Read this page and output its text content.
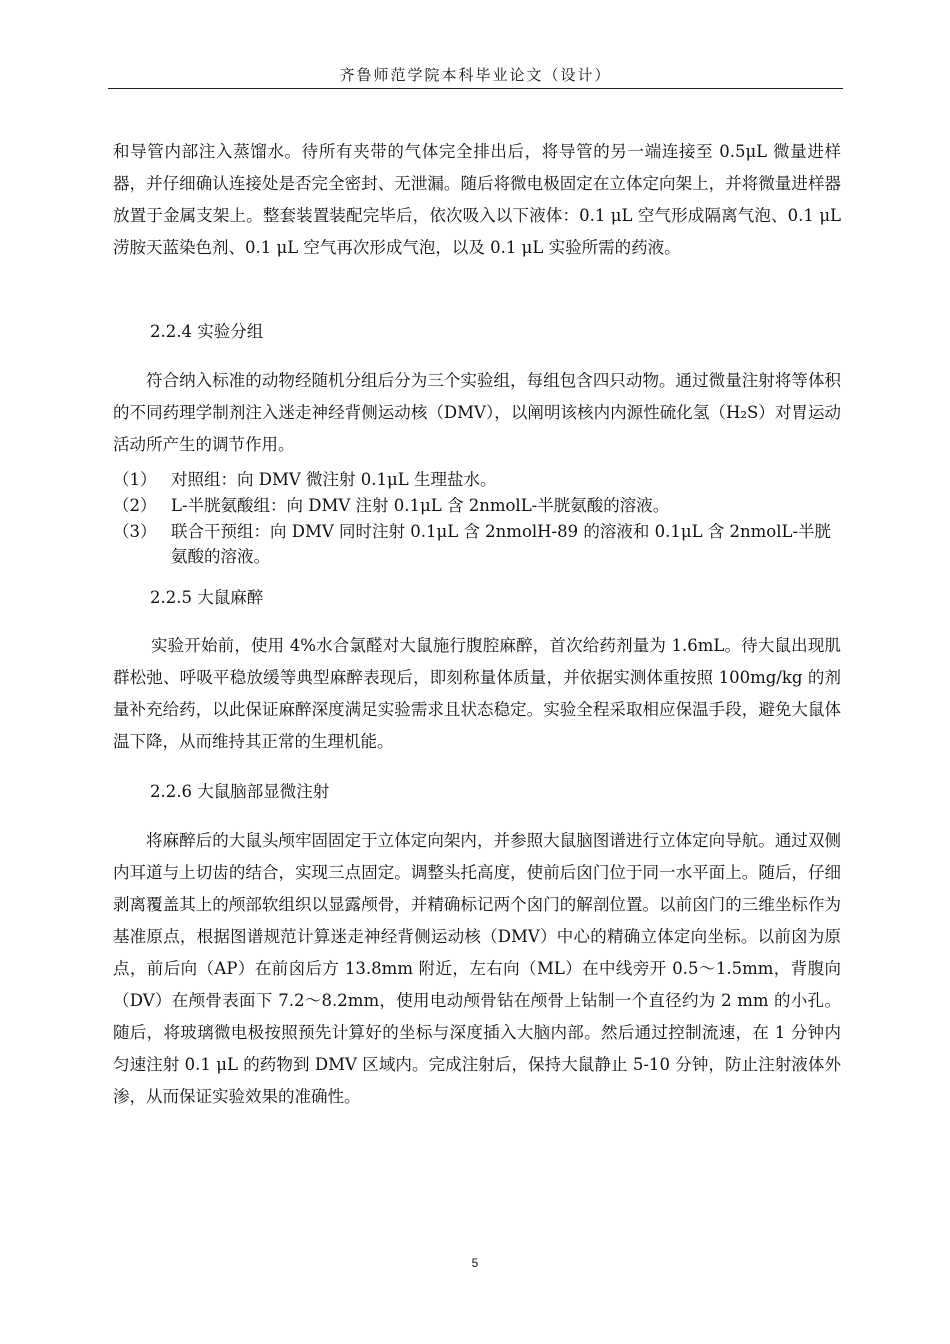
齐鲁师范学院本科毕业论文（设计）

和导管内部注入蒸馏水。待所有夹带的气体完全排出后，将导管的另一端连接至 0.5μL 微量进样器，并仔细确认连接处是否完全密封、无泄漏。随后将微电极固定在立体定向架上，并将微量进样器放置于金属支架上。整套装置装配完毕后，依次吸入以下液体：0.1 μL 空气形成隔离气泡、0.1 μL 涝胺天蓝染色剂、0.1 μL 空气再次形成气泡，以及 0.1 μL 实验所需的药液。

2.2.4 实验分组

符合纳入标准的动物经随机分组后分为三个实验组，每组包含四只动物。通过微量注射将等体积的不同药理学制剂注入迷走神经背侧运动核（DMV），以阐明该核内内源性硫化氢（H₂S）对胃运动活动所产生的调节作用。

（1） 对照组：向 DMV 微注射 0.1μL 生理盐水。
（2） L-半胱氨酸组：向 DMV 注射 0.1μL 含 2nmolL-半胱氨酸的溶液。
（3） 联合干预组：向 DMV 同时注射 0.1μL 含 2nmolH-89 的溶液和 0.1μL 含 2nmolL-半胱氨酸的溶液。
2.2.5 大鼠麻醉

实验开始前，使用 4%水合氯醛对大鼠施行腹腔麻醉，首次给药剂量为 1.6mL。待大鼠出现肌群松弛、呼吸平稳放缓等典型麻醉表现后，即刻称量体质量，并依据实测体重按照 100mg/kg 的剂量补充给药，以此保证麻醉深度满足实验需求且状态稳定。实验全程采取相应保温手段，避免大鼠体温下降，从而维持其正常的生理机能。

2.2.6 大鼠脑部显微注射

将麻醉后的大鼠头颅牢固固定于立体定向架内，并参照大鼠脑图谱进行立体定向导航。通过双侧内耳道与上切齿的结合，实现三点固定。调整头托高度，使前后囟门位于同一水平面上。随后，仔细剥离覆盖其上的颅部软组织以显露颅骨，并精确标记两个囟门的解剖位置。以前囟门的三维坐标作为基准原点，根据图谱规范计算迷走神经背侧运动核（DMV）中心的精确立体定向坐标。以前囟为原点，前后向（AP）在前囟后方 13.8mm 附近，左右向（ML）在中线旁开 0.5～1.5mm，背腹向（DV）在颅骨表面下 7.2～8.2mm，使用电动颅骨钻在颅骨上钻制一个直径约为 2 mm 的小孔。随后，将玻璃微电极按照预先计算好的坐标与深度插入大脑内部。然后通过控制流速，在 1 分钟内匀速注射 0.1 μL 的药物到 DMV 区域内。完成注射后，保持大鼠静止 5-10 分钟，防止注射液体外渗，从而保证实验效果的准确性。

5
